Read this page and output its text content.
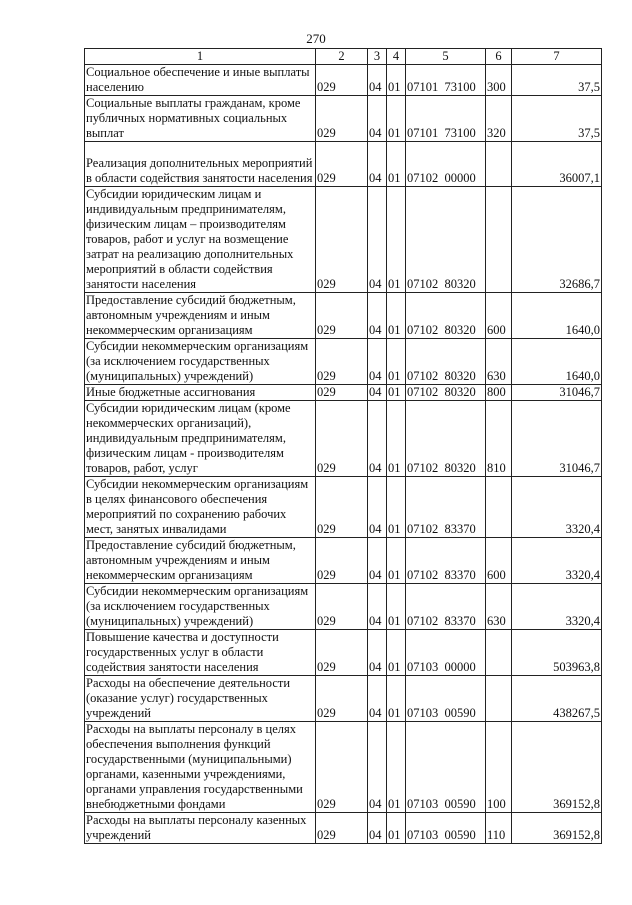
270
1	2	3	4	5	6	7
Социальное обеспечение и иные выплаты населению	029	04	01	07101  73100	300	37,5
Социальные выплаты гражданам, кроме публичных нормативных социальных выплат	029	04	01	07101  73100	320	37,5
Реализация дополнительных мероприятий в области содействия занятости населения	029	04	01	07102  00000		36007,1
Субсидии юридическим лицам и индивидуальным предпринимателям, физическим лицам – производителям товаров, работ и услуг на возмещение затрат на реализацию дополнительных мероприятий в области содействия занятости населения	029	04	01	07102  80320		32686,7
Предоставление субсидий бюджетным, автономным учреждениям и иным некоммерческим организациям	029	04	01	07102  80320	600	1640,0
Субсидии некоммерческим организациям (за исключением государственных (муниципальных) учреждений)	029	04	01	07102  80320	630	1640,0
Иные бюджетные ассигнования	029	04	01	07102  80320	800	31046,7
Субсидии юридическим лицам (кроме некоммерческих организаций), индивидуальным предпринимателям, физическим лицам - производителям товаров, работ, услуг	029	04	01	07102  80320	810	31046,7
Субсидии некоммерческим организациям в целях финансового обеспечения мероприятий по сохранению рабочих мест, занятых инвалидами	029	04	01	07102  83370		3320,4
Предоставление субсидий бюджетным, автономным учреждениям и иным некоммерческим организациям	029	04	01	07102  83370	600	3320,4
Субсидии некоммерческим организациям (за исключением государственных (муниципальных) учреждений)	029	04	01	07102  83370	630	3320,4
Повышение качества и доступности государственных услуг в области содействия занятости населения	029	04	01	07103  00000		503963,8
Расходы на обеспечение деятельности (оказание услуг) государственных учреждений	029	04	01	07103  00590		438267,5
Расходы на выплаты персоналу в целях обеспечения выполнения функций государственными (муниципальными) органами, казенными учреждениями, органами управления государственными внебюджетными фондами	029	04	01	07103  00590	100	369152,8
Расходы на выплаты персоналу казенных учреждений	029	04	01	07103  00590	110	369152,8
